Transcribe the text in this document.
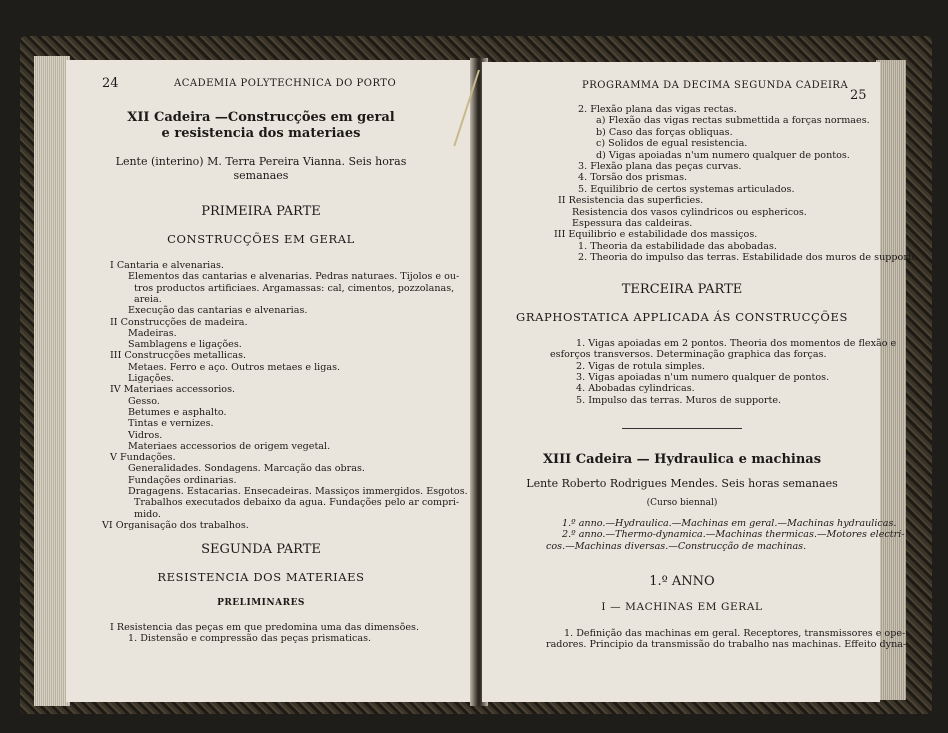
24	ACADEMIA POLYTECHNICA DO PORTO
XII Cadeira —Construcções em geral
e resistencia dos materiaes
Lente (interino) M. Terra Pereira Vianna. Seis horas
semanaes
PRIMEIRA PARTE
CONSTRUCÇÕES EM GERAL
I Cantaria e alvenarias.
Elementos das cantarias e alvenarias. Pedras naturaes. Tijolos e ou-
tros productos artificiaes. Argamassas: cal, cimentos, pozzolanas,
areia.
Execução das cantarias e alvenarias.
II Construcções de madeira.
Madeiras.
Samblagens e ligações.
III Construcções metallicas.
Metaes. Ferro e aço. Outros metaes e ligas.
Ligações.
IV Materiaes accessorios.
Gesso.
Betumes e asphalto.
Tintas e vernizes.
Vidros.
Materiaes accessorios de origem vegetal.
V Fundações.
Generalidades. Sondagens. Marcação das obras.
Fundações ordinarias.
Dragagens. Estacarias. Ensecadeiras. Massiços immergidos. Esgotos.
Trabalhos executados debaixo da agua. Fundações pelo ar compri-
mido.
VI Organisação dos trabalhos.
SEGUNDA PARTE
RESISTENCIA DOS MATERIAES
PRELIMINARES
I Resistencia das peças em que predomina uma das dimensões.
1. Distensão e compressão das peças prismaticas.
PROGRAMMA DA DECIMA SEGUNDA CADEIRA
25
2. Flexão plana das vigas rectas.
a) Flexão das vigas rectas submettida a forças normaes.
b) Caso das forças obliquas.
c) Solidos de egual resistencia.
d) Vigas apoiadas n'um numero qualquer de pontos.
3. Flexão plana das peças curvas.
4. Torsão dos prismas.
5. Equilibrio de certos systemas articulados.
II Resistencia das superficies.
Resistencia dos vasos cylindricos ou esphericos.
Espessura das caldeiras.
III Equilibrio e estabilidade dos massiços.
1. Theoria da estabilidade das abobadas.
2. Theoria do impulso das terras. Estabilidade dos muros de supporte.
TERCEIRA PARTE
GRAPHOSTATICA APPLICADA ÁS CONSTRUCÇÕES
1. Vigas apoiadas em 2 pontos. Theoria dos momentos de flexão e
esforços transversos. Determinação graphica das forças.
2. Vigas de rotula simples.
3. Vigas apoiadas n'um numero qualquer de pontos.
4. Abobadas cylindricas.
5. Impulso das terras. Muros de supporte.
XIII Cadeira — Hydraulica e machinas
Lente Roberto Rodrigues Mendes. Seis horas semanaes
(Curso biennal)
1.º anno.—Hydraulica.—Machinas em geral.—Machinas hydraulicas.
2.º anno.—Thermo-dynamica.—Machinas thermicas.—Motores electri-
cos.—Machinas diversas.—Construcção de machinas.
1.º ANNO
I — MACHINAS EM GERAL
1. Definição das machinas em geral. Receptores, transmissores e ope-
radores. Principio da transmissão do trabalho nas machinas. Effeito dyna-
